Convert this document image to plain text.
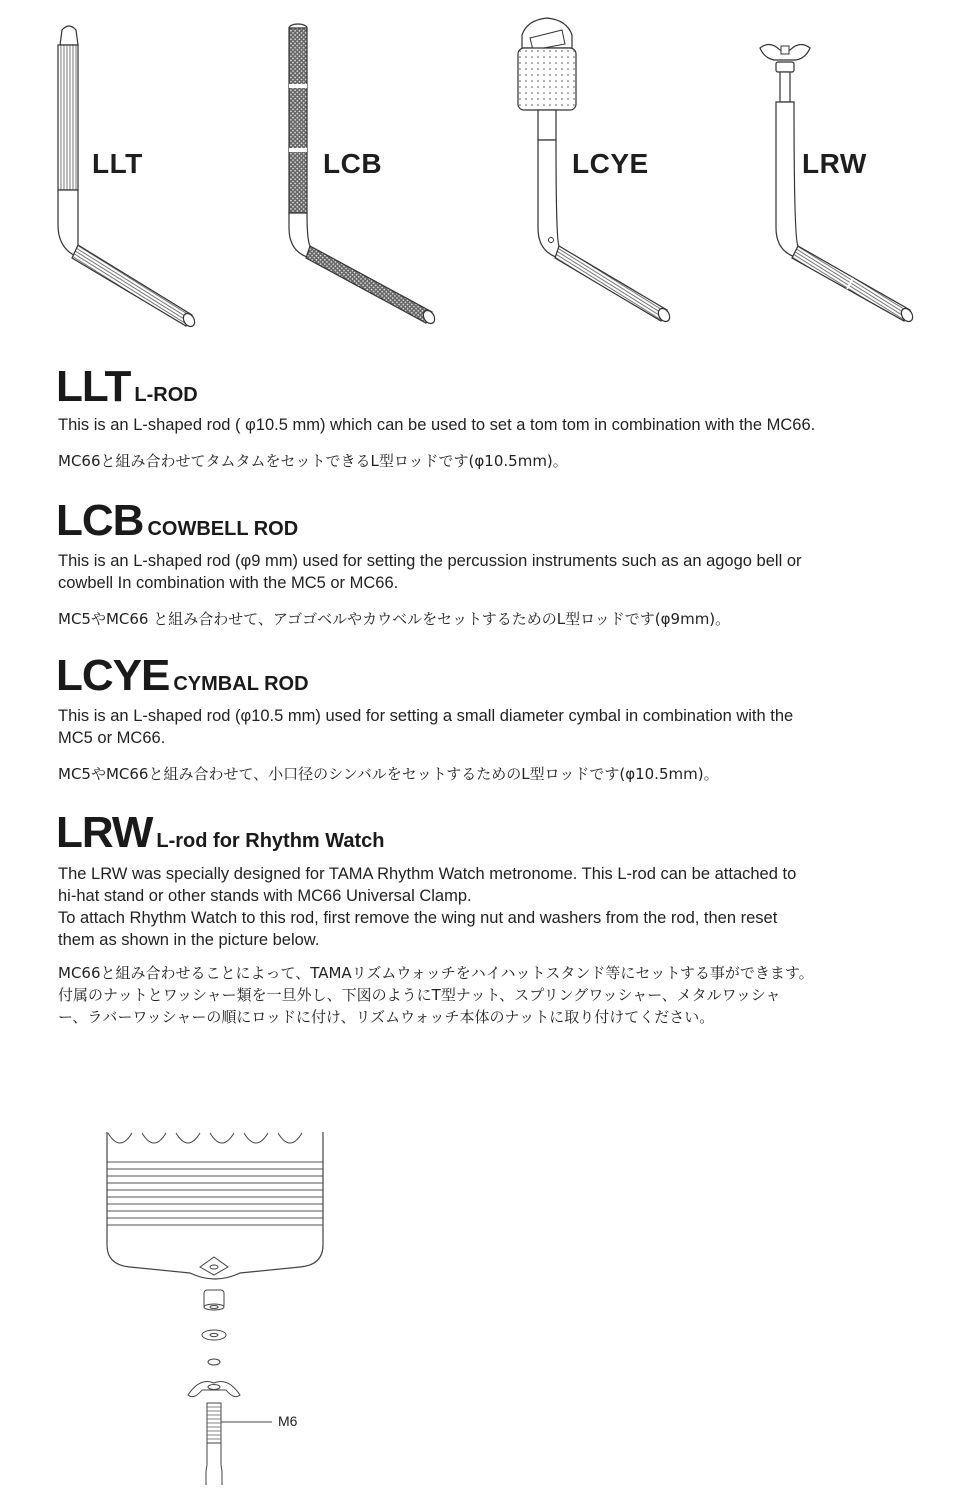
LLT	LCB	LCYE	LRW
LLT L-ROD
This is an L-shaped rod ( φ10.5 mm) which can be used to set a tom tom in combination with the MC66.
MC66と組み合わせてタムタムをセットできるL型ロッドです(φ10.5mm)。
LCB COWBELL ROD
This is an L-shaped rod (φ9 mm) used for setting the percussion instruments such as an agogo bell or
cowbell In combination with the MC5 or MC66.
MC5やMC66 と組み合わせて、アゴゴベルやカウベルをセットするためのL型ロッドです(φ9mm)。
LCYE CYMBAL ROD
This is an L-shaped rod (φ10.5 mm) used for setting a small diameter cymbal in combination with the
MC5 or MC66.
MC5やMC66と組み合わせて、小口径のシンバルをセットするためのL型ロッドです(φ10.5mm)。
LRW L-rod for Rhythm Watch
The LRW was specially designed for TAMA Rhythm Watch metronome. This L-rod can be attached to
hi-hat stand or other stands with MC66 Universal Clamp.
To attach Rhythm Watch to this rod, first remove the wing nut and washers from the rod, then reset
them as shown in the picture below.
MC66と組み合わせることによって、TAMAリズムウォッチをハイハットスタンド等にセットする事ができます。
付属のナットとワッシャー類を一旦外し、下図のようにT型ナット、スプリングワッシャー、メタルワッシャ
ー、ラバーワッシャーの順にロッドに付け、リズムウォッチ本体のナットに取り付けてください。
M6
